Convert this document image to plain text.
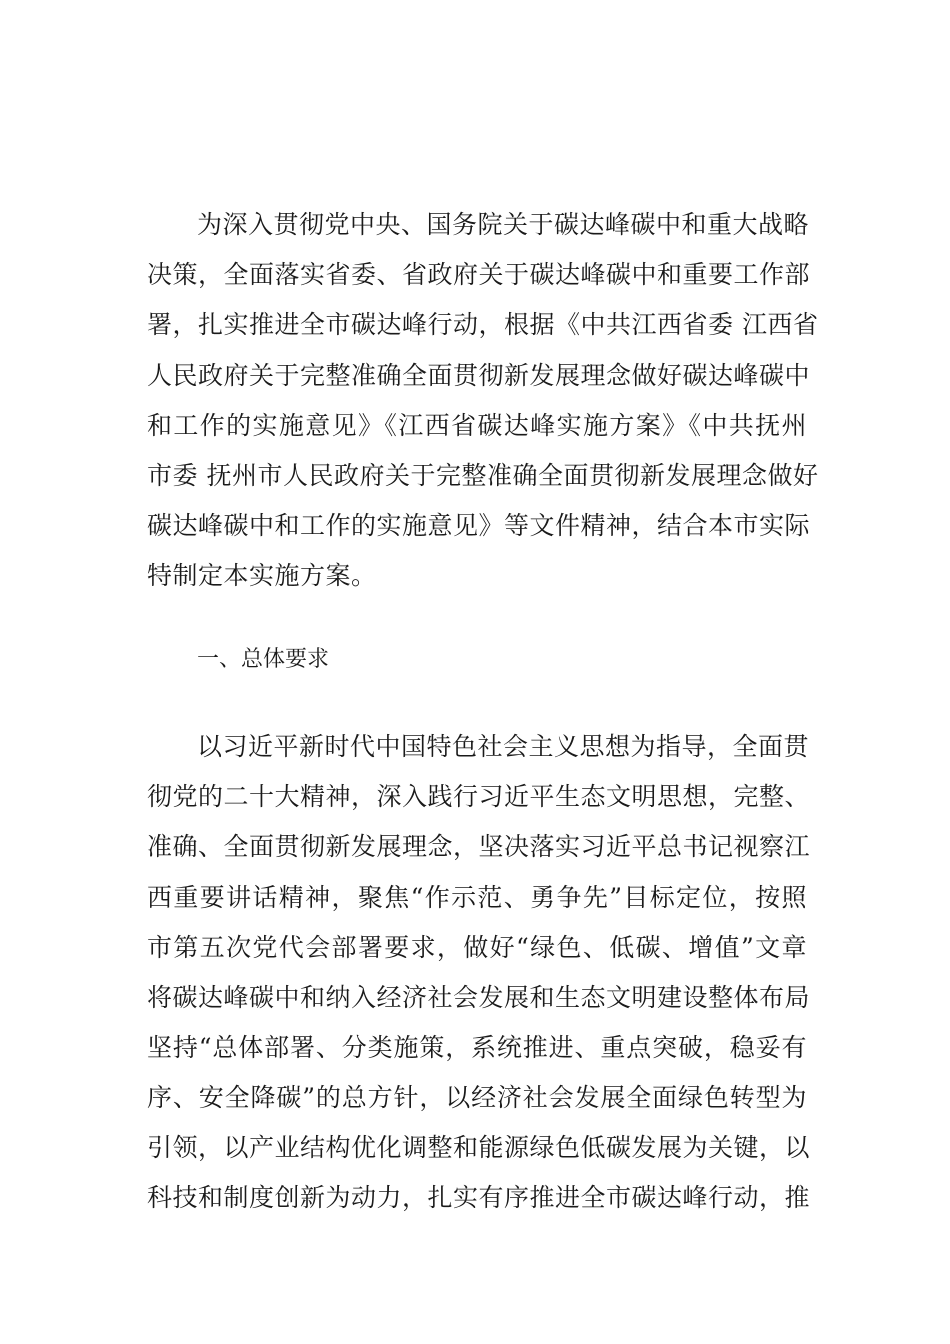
为深入贯彻党中央、国务院关于碳达峰碳中和重大战略
决策，全面落实省委、省政府关于碳达峰碳中和重要工作部
署，扎实推进全市碳达峰行动，根据《中共江西省委 江西省
人民政府关于完整准确全面贯彻新发展理念做好碳达峰碳中
和工作的实施意见》《江西省碳达峰实施方案》《中共抚州
市委 抚州市人民政府关于完整准确全面贯彻新发展理念做好
碳达峰碳中和工作的实施意见》等文件精神，结合本市实际
特制定本实施方案。
一、总体要求
以习近平新时代中国特色社会主义思想为指导，全面贯
彻党的二十大精神，深入践行习近平生态文明思想，完整、
准确、全面贯彻新发展理念，坚决落实习近平总书记视察江
西重要讲话精神，聚焦“作示范、勇争先”目标定位，按照
市第五次党代会部署要求，做好“绿色、低碳、增值”文章
将碳达峰碳中和纳入经济社会发展和生态文明建设整体布局
坚持“总体部署、分类施策，系统推进、重点突破，稳妥有
序、安全降碳”的总方针，以经济社会发展全面绿色转型为
引领，以产业结构优化调整和能源绿色低碳发展为关键，以
科技和制度创新为动力，扎实有序推进全市碳达峰行动，推
